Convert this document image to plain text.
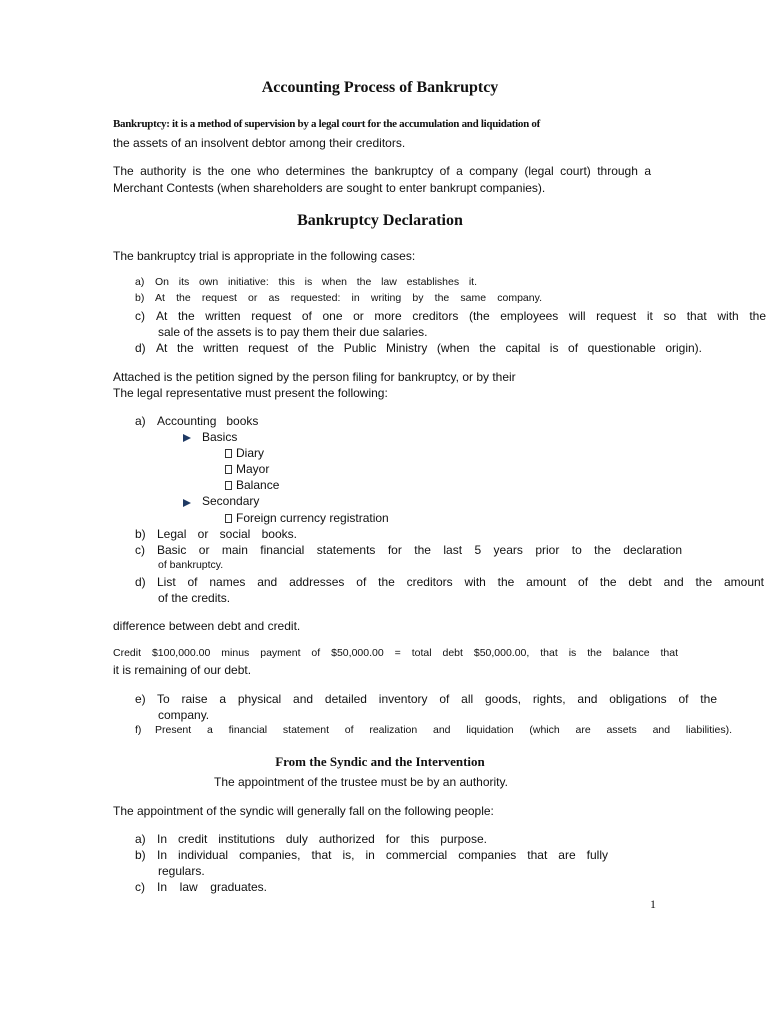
Accounting Process of Bankruptcy
Bankruptcy: it is a method of supervision by a legal court for the accumulation and liquidation of
the assets of an insolvent debtor among their creditors.
The authority is the one who determines the bankruptcy of a company (legal court) through a
Merchant Contests (when shareholders are sought to enter bankrupt companies).
Bankruptcy Declaration
The bankruptcy trial is appropriate in the following cases:
a) On its own initiative: this is when the law establishes it.
b) At the request or as requested: in writing by the same company.
c) At the written request of one or more creditors (the employees will request it so that with the
sale of the assets is to pay them their due salaries.
d) At the written request of the Public Ministry (when the capital is of questionable origin).
Attached is the petition signed by the person filing for bankruptcy, or by their
The legal representative must present the following:
a) Accounting   books
Basics
Diary
Mayor
Balance
Secondary
Foreign currency registration
b) Legal or social books.
c) Basic or main financial statements for the last 5 years prior to the declaration
of bankruptcy.
d) List of names and addresses of the creditors with the amount of the debt and the amount
of the credits.
difference between debt and credit.
Credit $100,000.00 minus payment of $50,000.00 = total debt $50,000.00, that is the balance that
it is remaining of our debt.
e) To raise a physical and detailed inventory of all goods, rights, and obligations of the
company.
f) Present a financial statement of realization and liquidation (which are assets and liabilities).
From the Syndic and the Intervention
The appointment of the trustee must be by an authority.
The appointment of the syndic will generally fall on the following people:
a) In credit institutions duly authorized for this purpose.
b) In individual companies, that is, in commercial companies that are fully
regulars.
c) In law graduates.
1
